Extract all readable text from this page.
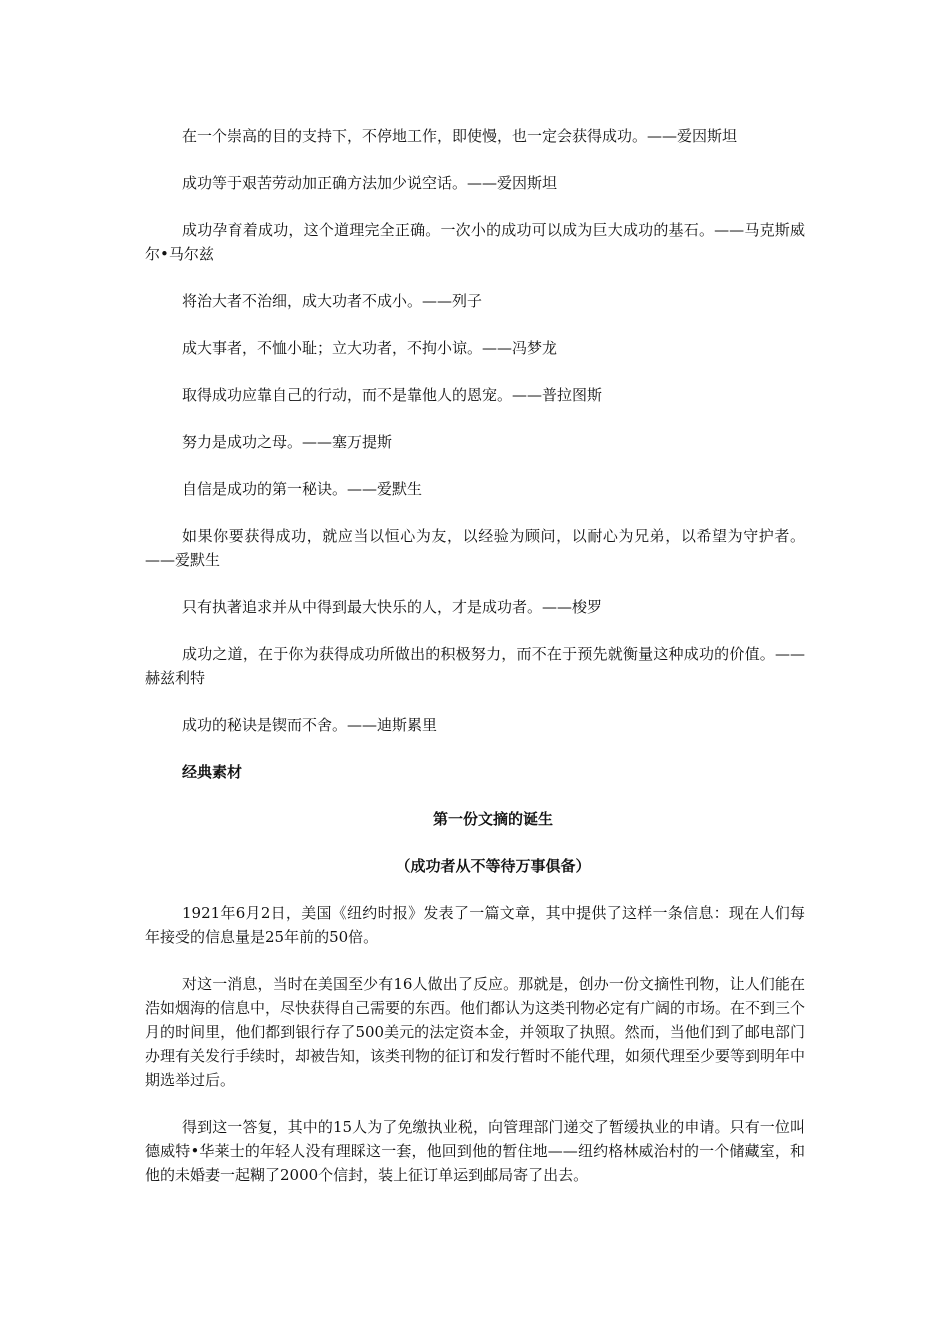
在一个崇高的目的支持下，不停地工作，即使慢，也一定会获得成功。——爱因斯坦

成功等于艰苦劳动加正确方法加少说空话。——爱因斯坦

成功孕育着成功，这个道理完全正确。一次小的成功可以成为巨大成功的基石。——马克斯威尔•马尔兹

将治大者不治细，成大功者不成小。——列子

成大事者，不恤小耻；立大功者，不拘小谅。——冯梦龙

取得成功应靠自己的行动，而不是靠他人的恩宠。——普拉图斯

努力是成功之母。——塞万提斯

自信是成功的第一秘诀。——爱默生

如果你要获得成功，就应当以恒心为友，以经验为顾问，以耐心为兄弟，以希望为守护者。——爱默生

只有执著追求并从中得到最大快乐的人，才是成功者。——梭罗

成功之道，在于你为获得成功所做出的积极努力，而不在于预先就衡量这种成功的价值。——赫兹利特

成功的秘诀是锲而不舍。——迪斯累里

经典素材
第一份文摘的诞生
（成功者从不等待万事俱备）

1921年6月2日，美国《纽约时报》发表了一篇文章，其中提供了这样一条信息：现在人们每年接受的信息量是25年前的50倍。

对这一消息，当时在美国至少有16人做出了反应。那就是，创办一份文摘性刊物，让人们能在浩如烟海的信息中，尽快获得自己需要的东西。他们都认为这类刊物必定有广阔的市场。在不到三个月的时间里，他们都到银行存了500美元的法定资本金，并领取了执照。然而，当他们到了邮电部门办理有关发行手续时，却被告知，该类刊物的征订和发行暂时不能代理，如须代理至少要等到明年中期选举过后。

得到这一答复，其中的15人为了免缴执业税，向管理部门递交了暂缓执业的申请。只有一位叫德威特•华莱士的年轻人没有理睬这一套，他回到他的暂住地——纽约格林威治村的一个储藏室，和他的未婚妻一起糊了2000个信封，装上征订单运到邮局寄了出去。
